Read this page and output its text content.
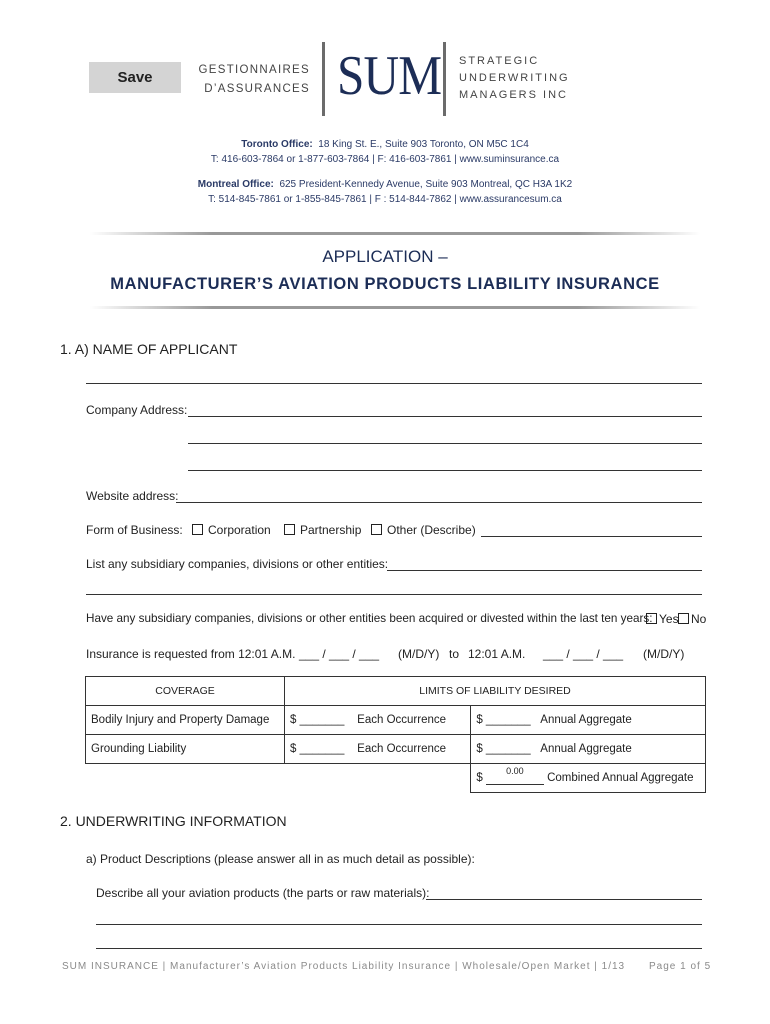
Save	GESTIONNAIRES
D’ASSURANCES SUM STRATEGIC
UNDERWRITING
MANAGERS INC
Toronto Office: 18 King St. E., Suite 903 Toronto, ON M5C 1C4
T: 416-603-7864 or 1-877-603-7864 | F: 416-603-7861 | www.suminsurance.ca
Montreal Office: 625 President-Kennedy Avenue, Suite 903 Montreal, QC H3A 1K2
T: 514-845-7861 or 1-855-845-7861 | F : 514-844-7862 | www.assurancesum.ca
APPLICATION –
MANUFACTURER’S AVIATION PRODUCTS LIABILITY INSURANCE
1. A) NAME OF APPLICANT
Company Address:
Website address:
Form of Business:	Corporation	Partnership	Other (Describe)
List any subsidiary companies, divisions or other entities:
Have any subsidiary companies, divisions or other entities been acquired or divested within the last ten years: Yes	No
Insurance is requested from 12:01 A.M. ___ / ___ / ___ (M/D/Y) to 12:01 A.M. ___ / ___ / ___ (M/D/Y)
COVERAGE	LIMITS OF LIABILITY DESIRED	
Bodily Injury and Property Damage	$ _______ Each Occurrence	$ _______ Annual Aggregate
Grounding Liability	$ _______ Each Occurrence	$ _______ Annual Aggregate
		$ $^{0.00}$ Combined Annual Aggregate
2. UNDERWRITING INFORMATION
a) Product Descriptions (please answer all in as much detail as possible):
Describe all your aviation products (the parts or raw materials):
SUM INSURANCE | Manufacturer’s Aviation Products Liability Insurance | Wholesale/Open Market | 1/13 Page 1 of 5
